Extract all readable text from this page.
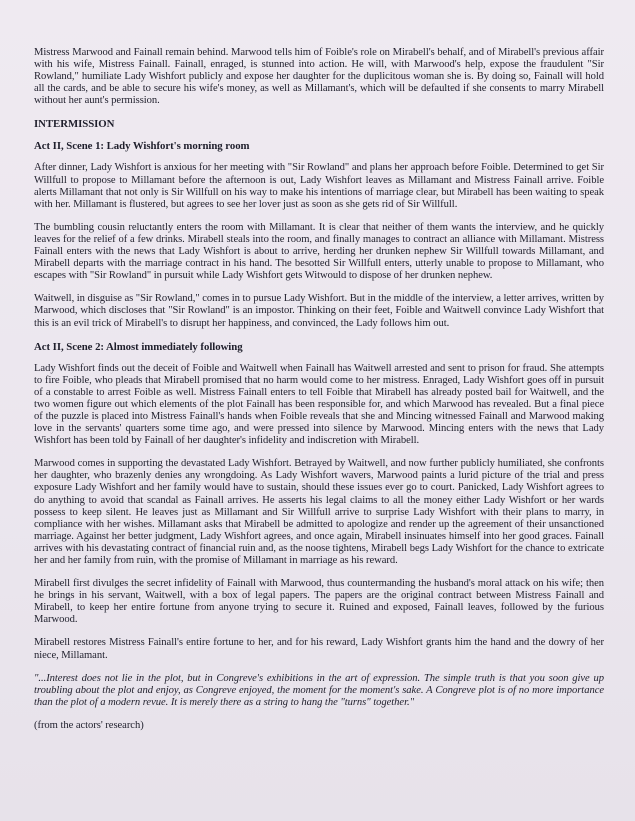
Mistress Marwood and Fainall remain behind. Marwood tells him of Foible's role on Mirabell's behalf, and of Mirabell's previous affair with his wife, Mistress Fainall. Fainall, enraged, is stunned into action. He will, with Marwood's help, expose the fraudulent "Sir Rowland," humiliate Lady Wishfort publicly and expose her daughter for the duplicitous woman she is. By doing so, Fainall will hold all the cards, and be able to secure his wife's money, as well as Millamant's, which will be defaulted if she consents to marry Mirabell without her aunt's permission.

INTERMISSION
Act II, Scene 1: Lady Wishfort's morning room

After dinner, Lady Wishfort is anxious for her meeting with "Sir Rowland" and plans her approach before Foible. Determined to get Sir Willfull to propose to Millamant before the afternoon is out, Lady Wishfort leaves as Millamant and Mistress Fainall arrive. Foible alerts Millamant that not only is Sir Willfull on his way to make his intentions of marriage clear, but Mirabell has been waiting to speak with her. Millamant is flustered, but agrees to see her lover just as soon as she gets rid of Sir Willfull.

The bumbling cousin reluctantly enters the room with Millamant. It is clear that neither of them wants the interview, and he quickly leaves for the relief of a few drinks. Mirabell steals into the room, and finally manages to contract an alliance with Millamant. Mistress Fainall enters with the news that Lady Wishfort is about to arrive, herding her drunken nephew Sir Willfull towards Millamant, and Mirabell departs with the marriage contract in his hand. The besotted Sir Willfull enters, utterly unable to propose to Millamant, who escapes with "Sir Rowland" in pursuit while Lady Wishfort gets Witwould to dispose of her drunken nephew.

Waitwell, in disguise as "Sir Rowland," comes in to pursue Lady Wishfort. But in the middle of the interview, a letter arrives, written by Marwood, which discloses that "Sir Rowland" is an impostor. Thinking on their feet, Foible and Waitwell convince Lady Wishfort that this is an evil trick of Mirabell's to disrupt her happiness, and convinced, the Lady follows him out.

Act II, Scene 2: Almost immediately following

Lady Wishfort finds out the deceit of Foible and Waitwell when Fainall has Waitwell arrested and sent to prison for fraud. She attempts to fire Foible, who pleads that Mirabell promised that no harm would come to her mistress. Enraged, Lady Wishfort goes off in pursuit of a constable to arrest Foible as well. Mistress Fainall enters to tell Foible that Mirabell has already posted bail for Waitwell, and the two women figure out which elements of the plot Fainall has been responsible for, and which Marwood has revealed. But a final piece of the puzzle is placed into Mistress Fainall's hands when Foible reveals that she and Mincing witnessed Fainall and Marwood making love in the servants' quarters some time ago, and were pressed into silence by Marwood. Mincing enters with the news that Lady Wishfort has been told by Fainall of her daughter's infidelity and indiscretion with Mirabell.

Marwood comes in supporting the devastated Lady Wishfort. Betrayed by Waitwell, and now further publicly humiliated, she confronts her daughter, who brazenly denies any wrongdoing. As Lady Wishfort wavers, Marwood paints a lurid picture of the trial and press exposure Lady Wishfort and her family would have to sustain, should these issues ever go to court. Panicked, Lady Wishfort agrees to do anything to avoid that scandal as Fainall arrives. He asserts his legal claims to all the money either Lady Wishfort or her wards possess to keep silent. He leaves just as Millamant and Sir Willfull arrive to surprise Lady Wishfort with their plans to marry, in compliance with her wishes. Millamant asks that Mirabell be admitted to apologize and render up the agreement of their unsanctioned marriage. Against her better judgment, Lady Wishfort agrees, and once again, Mirabell insinuates himself into her good graces. Fainall arrives with his devastating contract of financial ruin and, as the noose tightens, Mirabell begs Lady Wishfort for the chance to extricate her and her family from ruin, with the promise of Millamant in marriage as his reward.

Mirabell first divulges the secret infidelity of Fainall with Marwood, thus countermanding the husband's moral attack on his wife; then he brings in his servant, Waitwell, with a box of legal papers. The papers are the original contract between Mistress Fainall and Mirabell, to keep her entire fortune from anyone trying to secure it. Ruined and exposed, Fainall leaves, followed by the furious Marwood.

Mirabell restores Mistress Fainall's entire fortune to her, and for his reward, Lady Wishfort grants him the hand and the dowry of her niece, Millamant.

"...Interest does not lie in the plot, but in Congreve's exhibitions in the art of expression. The simple truth is that you soon give up troubling about the plot and enjoy, as Congreve enjoyed, the moment for the moment's sake. A Congreve plot is of no more importance than the plot of a modern revue. It is merely there as a string to hang the "turns" together."

(from the actors' research)
